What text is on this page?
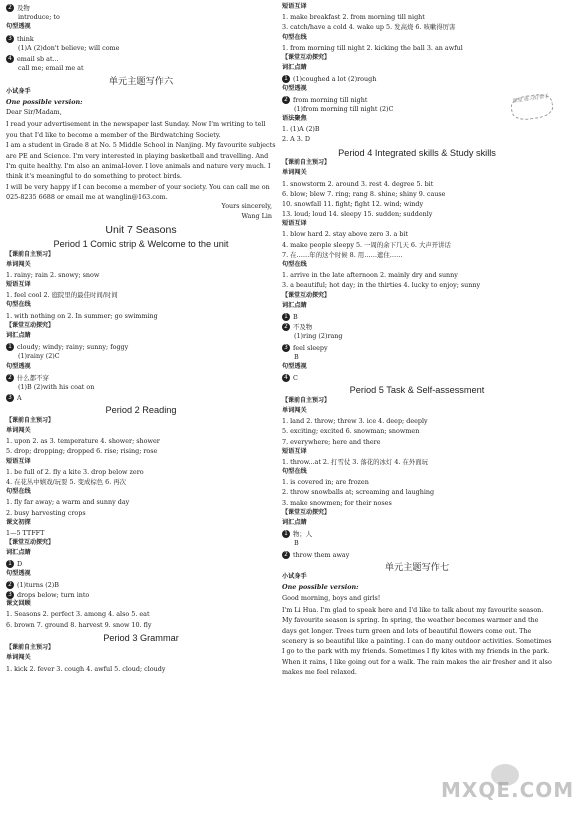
2 及物
introduce; to
句型透视
3 think
(1)A (2)don't believe; will come
4 email sb at...
call me; email me at
单元主题写作六
小试身手
One possible version:
Dear Sir/Madam,
I read your advertisement in the newspaper last Sunday. Now I'm writing to tell you that I'd like to become a member of the Birdwatching Society.
I am a student in Grade 8 at No. 5 Middle School in Nanjing. My favourite subjects are PE and Science. I'm very interested in playing basketball and travelling. And I'm quite healthy. I'm also an animal-lover. I love animals and nature very much. I think it's meaningful to do something to protect birds.
I will be very happy if I can become a member of your society. You can call me on 025-8235 6688 or email me at wanglin@163.com.
Yours sincerely,
Wang Lin
Unit 7 Seasons
Period 1 Comic strip & Welcome to the unit
【课前自主预习】
单词闯关
1. rainy; rain 2. snowy; snow
短语互译
1. feel cool 2. 庭院里的最佳时间/时间
句型在线
1. with nothing on 2. In summer; go swimming
【课堂互动探究】
词汇点睛
1 cloudy; windy; rainy; sunny; foggy
(1)rainy (2)C
句型透视
2 什么都不穿
(1)B (2)with his coat on
3 A
Period 2 Reading
【课前自主预习】
单词闯关
1. upon 2. as 3. temperature 4. shower; shower
5. drop; dropping; dropped 6. rise; rising; rose
短语互译
1. be full of 2. fly a kite 3. drop below zero
4. 在花丛中嬉戏/玩耍 5. 变成棕色 6. 再次
句型在线
1. fly far away; a warm and sunny day
2. busy harvesting crops
课文初探
1—5 TTFFT
【课堂互动探究】
词汇点睛
1 D
句型透视
2 (1)turns (2)B
3 drops below; turn into
课文回顾
1. Seasons 2. perfect 3. among 4. also 5. eat
6. brown 7. ground 8. harvest 9. snow 10. fly
Period 3 Grammar
【课前自主预习】
单词闯关
1. kick 2. fever 3. cough 4. awful 5. cloud; cloudy
短语互译
1. make breakfast 2. from morning till night
3. catch/have a cold 4. wake up 5. 发高烧 6. 咳嗽得厉害
句型在线
1. from morning till night 2. kicking the ball 3. an awful
【课堂互动探究】
词汇点睛
1 (1)coughed a lot (2)rough
句型透视
2 from morning till night
(1)from morning till night (2)C
语法聚焦
1. (1)A (2)B
2. A 3. D
Period 4 Integrated skills & Study skills
【课前自主预习】
单词闯关
1. snowstorm 2. around 3. rest 4. degree 5. bit
6. blow; blew 7. ring; rang 8. shine; shiny 9. cause
10. snowfall 11. fight; fight 12. wind; windy
13. loud; loud 14. sleepy 15. sudden; suddenly
短语互译
1. blow hard 2. stay above zero 3. a bit
4. make people sleepy 5. 一周的余下几天 6. 大声开讲话
7. 在……年的这个时候 8. 用……遮住……
句型在线
1. arrive in the late afternoon 2. mainly dry and sunny
3. a beautiful; hot day; in the thirties 4. lucky to enjoy; sunny
【课堂互动探究】
词汇点睛
1 B
2 不及物
(1)ring (2)rang
3 feel sleepy
B
句型透视
4 C
Period 5 Task & Self-assessment
【课前自主预习】
单词闯关
1. land 2. throw; threw 3. ice 4. deep; deeply
5. exciting; excited 6. snowman; snowmen
7. everywhere; here and there
短语互译
1. throw...at 2. 打雪仗 3. 落花的冰灯 4. 在外面玩
句型在线
1. is covered in; are frozen
2. throw snowballs at; screaming and laughing
3. make snowmen; for their noses
【课堂互动探究】
词汇点睛
1 物；人
B
2 throw them away
单元主题写作七
小试身手
One possible version:
Good morning, boys and girls!
I'm Li Hua. I'm glad to speak here and I'd like to talk about my favourite season. My favourite season is spring. In spring, the weather becomes warmer and the days get longer. Trees turn green and lots of beautiful flowers come out. The scenery is so beautiful like a painting. I can do many outdoor activities. Sometimes I go to the park with my friends. Sometimes I fly kites with my friends in the park. When it rains, I like going out for a walk. The rain makes the air fresher and it also makes me feel relaxed.
课堂 练习好帮手
MXQE.COM
